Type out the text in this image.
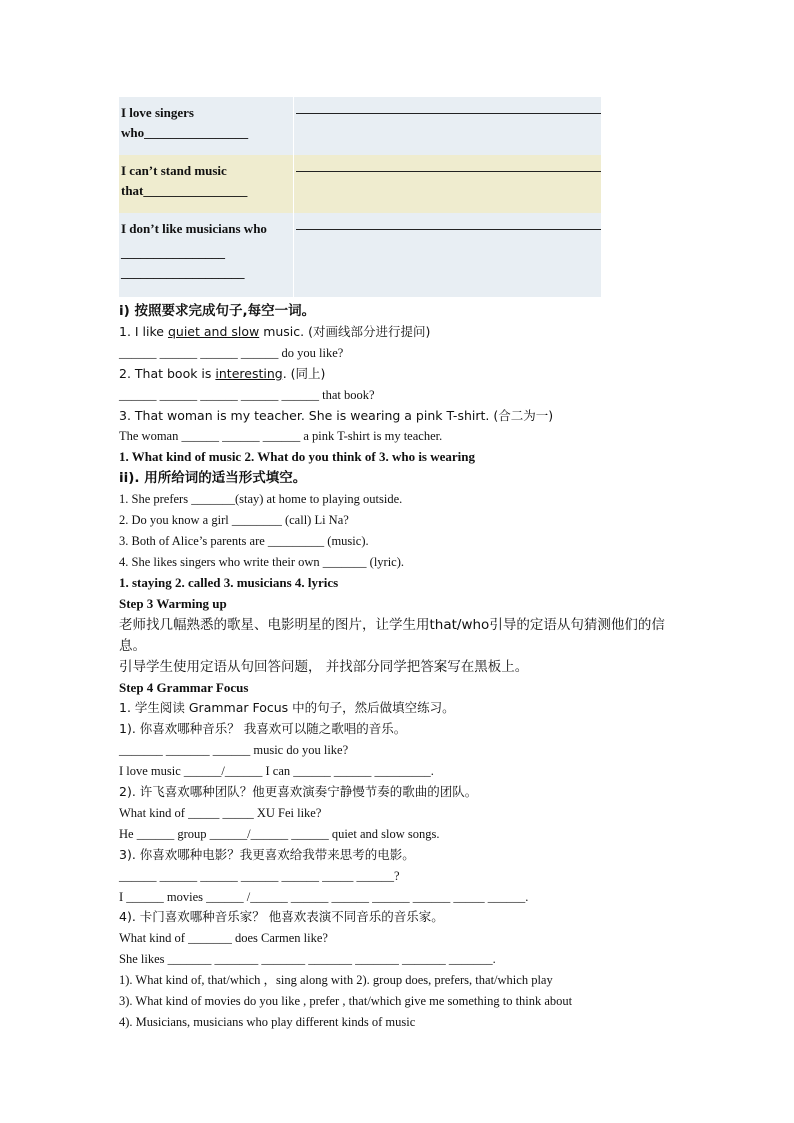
I love singers
who________________	

I can’t stand music
that________________	

I don’t like musicians who
________________
___________________	

i) 按照要求完成句子,每空一词。
1. I like quiet and slow music. (对画线部分进行提问)
______ ______ ______ ______ do you like?
2. That book is interesting. (同上)
______ ______ ______ ______ ______ that book?
3. That woman is my teacher. She is wearing a pink T-shirt. (合二为一)
The woman ______ ______ ______ a pink T-shirt is my teacher.
1. What kind of music 2. What do you think of 3. who is wearing
ii). 用所给词的适当形式填空。
1. She prefers _______(stay) at home to playing outside.
2. Do you know a girl ________ (call) Li Na?
3. Both of Alice’s parents are _________ (music).
4. She likes singers who write their own _______ (lyric).
1. staying 2. called 3. musicians 4. lyrics
Step 3 Warming up
老师找几幅熟悉的歌星、电影明星的图片，让学生用that/who引导的定语从句猜测他们的信息。
引导学生使用定语从句回答问题， 并找部分同学把答案写在黑板上。
Step 4 Grammar Focus
1. 学生阅读 Grammar Focus 中的句子，然后做填空练习。
1). 你喜欢哪种音乐？ 我喜欢可以随之歌唱的音乐。
_______ _______ ______ music do you like?
I love music ______/______ I can ______ ______ _________.
2). 许飞喜欢哪种团队？他更喜欢演奏宁静慢节奏的歌曲的团队。
What kind of _____ _____ XU Fei like?
He ______ group ______/______ ______ quiet and slow songs.
3). 你喜欢哪种电影？我更喜欢给我带来思考的电影。
______ ______ ______ ______ ______ _____ ______?
I ______ movies ______ /______ ______ ______ ______ ______ _____ ______.
4). 卡门喜欢哪种音乐家？ 他喜欢表演不同音乐的音乐家。
What kind of _______ does Carmen like?
She likes _______ _______ _______ _______ _______ _______ _______.
1). What kind of, that/which ，sing along with 2). group does, prefers, that/which play
3). What kind of movies do you like , prefer , that/which give me something to think about
4). Musicians, musicians who play different kinds of music
